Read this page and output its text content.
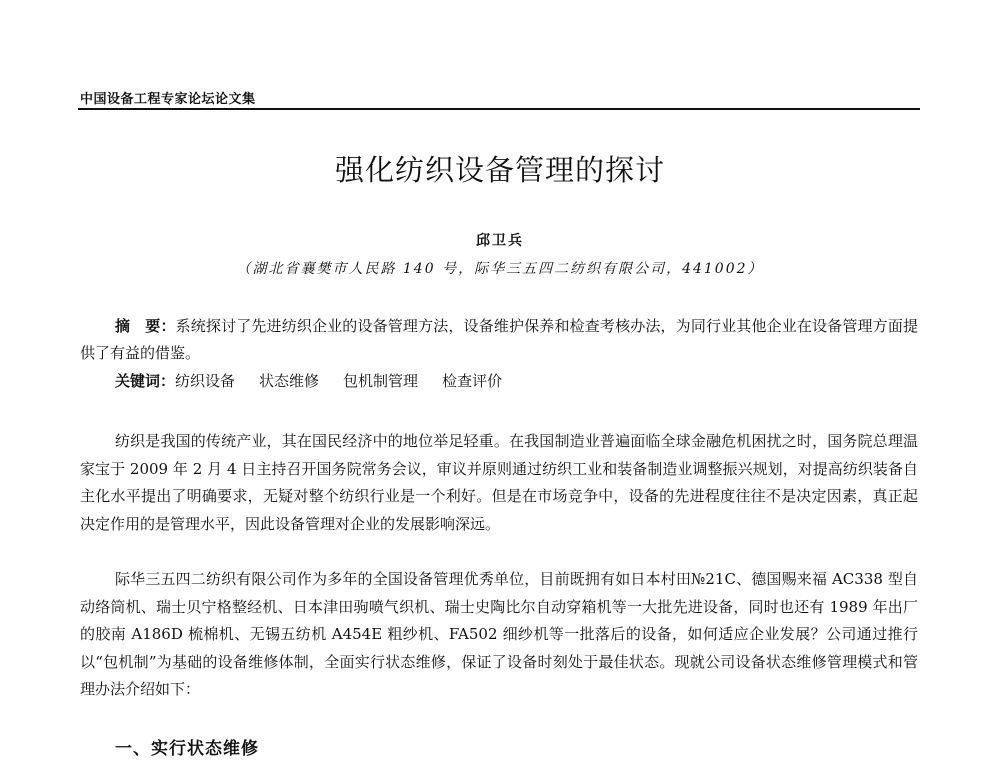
中国设备工程专家论坛论文集
强化纺织设备管理的探讨
邱卫兵
（湖北省襄樊市人民路 140 号，际华三五四二纺织有限公司，441002）

摘　要：系统探讨了先进纺织企业的设备管理方法，设备维护保养和检查考核办法，为同行业其他企业在设备管理方面提供了有益的借鉴。

关键词：纺织设备 状态维修 包机制管理 检查评价

纺织是我国的传统产业，其在国民经济中的地位举足轻重。在我国制造业普遍面临全球金融危机困扰之时，国务院总理温家宝于 2009 年 2 月 4 日主持召开国务院常务会议，审议并原则通过纺织工业和装备制造业调整振兴规划，对提高纺织装备自主化水平提出了明确要求，无疑对整个纺织行业是一个利好。但是在市场竞争中，设备的先进程度往往不是决定因素，真正起决定作用的是管理水平，因此设备管理对企业的发展影响深远。

际华三五四二纺织有限公司作为多年的全国设备管理优秀单位，目前既拥有如日本村田№21C、德国赐来福 AC338 型自动络筒机、瑞士贝宁格整经机、日本津田驹喷气织机、瑞士史陶比尔自动穿箱机等一大批先进设备，同时也还有 1989 年出厂的胶南 A186D 梳棉机、无锡五纺机 A454E 粗纱机、FA502 细纱机等一批落后的设备，如何适应企业发展？公司通过推行以“包机制”为基础的设备维修体制，全面实行状态维修，保证了设备时刻处于最佳状态。现就公司设备状态维修管理模式和管理办法介绍如下：

一、实行状态维修
